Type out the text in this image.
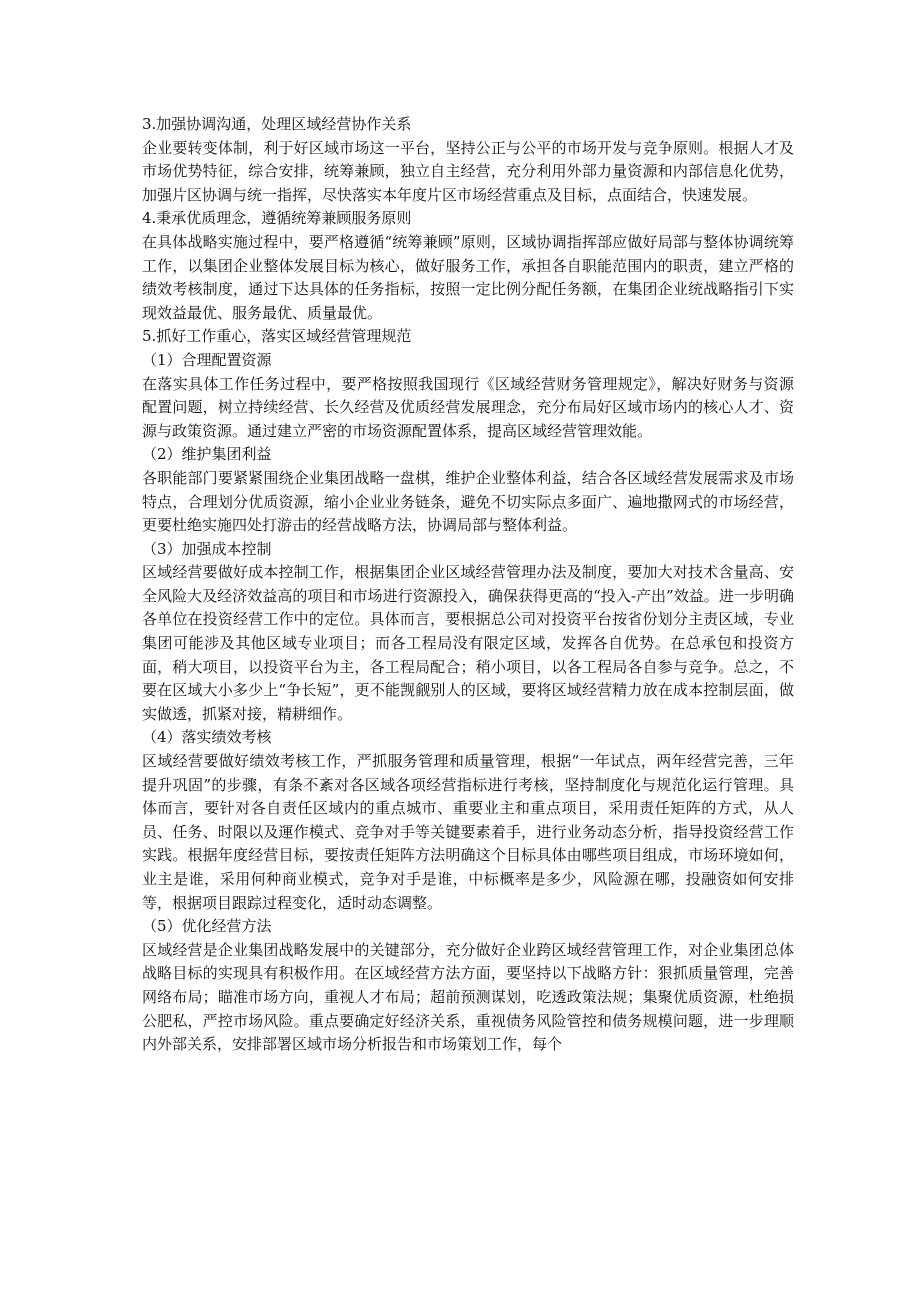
3.加强协调沟通，处理区域经营协作关系

企业要转变体制，利于好区域市场这一平台，坚持公正与公平的市场开发与竞争原则。根据人才及市场优势特征，综合安排，统筹兼顾，独立自主经营，充分利用外部力量资源和内部信息化优势，加强片区协调与统一指挥，尽快落实本年度片区市场经营重点及目标，点面结合，快速发展。

4.秉承优质理念，遵循统筹兼顾服务原则

在具体战略实施过程中，要严格遵循“统筹兼顾”原则，区域协调指挥部应做好局部与整体协调统筹工作，以集团企业整体发展目标为核心，做好服务工作，承担各自职能范围内的职责，建立严格的绩效考核制度，通过下达具体的任务指标，按照一定比例分配任务额，在集团企业统战略指引下实现效益最优、服务最优、质量最优。

5.抓好工作重心，落实区域经营管理规范

（1）合理配置资源

在落实具体工作任务过程中，要严格按照我国现行《区域经营财务管理规定》，解决好财务与资源配置问题，树立持续经营、长久经营及优质经营发展理念，充分布局好区域市场内的核心人才、资源与政策资源。通过建立严密的市场资源配置体系，提高区域经营管理效能。

（2）维护集团利益

各职能部门要紧紧围绕企业集团战略一盘棋，维护企业整体利益，结合各区域经营发展需求及市场特点，合理划分优质资源，缩小企业业务链条，避免不切实际点多面广、遍地撒网式的市场经营，更要杜绝实施四处打游击的经营战略方法，协调局部与整体利益。

（3）加强成本控制

区域经营要做好成本控制工作，根据集团企业区域经营管理办法及制度，要加大对技术含量高、安全风险大及经济效益高的项目和市场进行资源投入，确保获得更高的“投入-产出”效益。进一步明确各单位在投资经营工作中的定位。具体而言，要根据总公司对投资平台按省份划分主责区域，专业集团可能涉及其他区域专业项目；而各工程局没有限定区域，发挥各自优势。在总承包和投资方面，稍大项目，以投资平台为主，各工程局配合；稍小项目，以各工程局各自参与竞争。总之，不要在区域大小多少上“争长短”，更不能觊觎别人的区域，要将区域经营精力放在成本控制层面，做实做透，抓紧对接，精耕细作。

（4）落实绩效考核

区域经营要做好绩效考核工作，严抓服务管理和质量管理，根据“一年试点，两年经营完善，三年提升巩固”的步骤，有条不紊对各区域各项经营指标进行考核，坚持制度化与规范化运行管理。具体而言，要针对各自责任区域内的重点城市、重要业主和重点项目，采用责任矩阵的方式，从人员、任务、时限以及運作模式、竞争对手等关键要素着手，进行业务动态分析，指导投资经营工作实践。根据年度经营目标，要按责任矩阵方法明确这个目标具体由哪些项目组成，市场环境如何，业主是谁，采用何种商业模式，竞争对手是谁，中标概率是多少，风险源在哪，投融资如何安排等，根据项目跟踪过程变化，适时动态调整。

（5）优化经营方法

区域经营是企业集团战略发展中的关键部分，充分做好企业跨区域经营管理工作，对企业集团总体战略目标的实现具有积极作用。在区域经营方法方面，要坚持以下战略方针：狠抓质量管理，完善网络布局；瞄准市场方向，重视人才布局；超前预测谋划，吃透政策法规；集聚优质资源，杜绝损公肥私，严控市场风险。重点要确定好经济关系，重视债务风险管控和债务规模问题，进一步理顺内外部关系，安排部署区域市场分析报告和市场策划工作，每个
